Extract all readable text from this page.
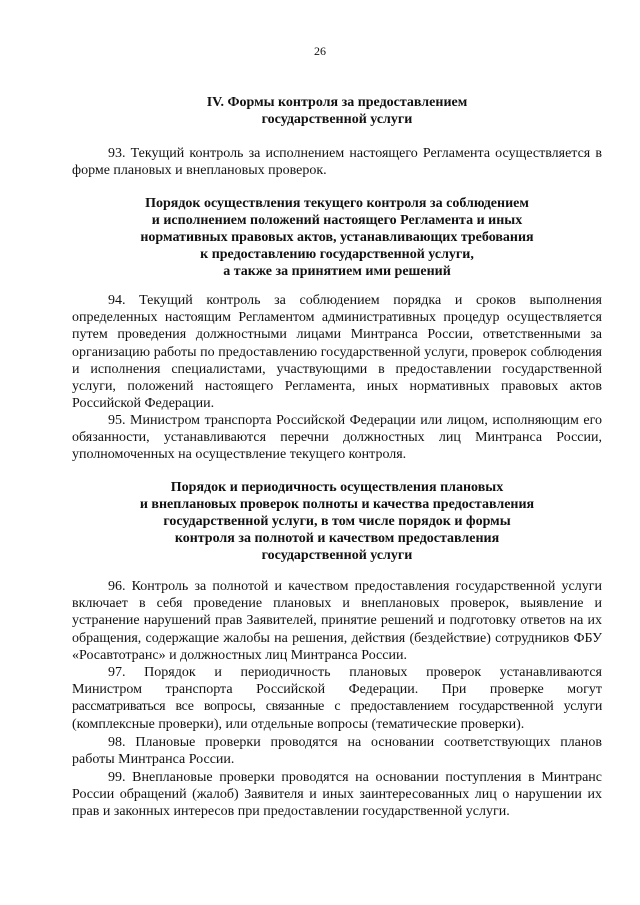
26

IV. Формы контроля за предоставлением
государственной услуги

93. Текущий контроль за исполнением настоящего Регламента осуществляется в форме плановых и внеплановых проверок.

Порядок осуществления текущего контроля за соблюдением
и исполнением положений настоящего Регламента и иных
нормативных правовых актов, устанавливающих требования
к предоставлению государственной услуги,
а также за принятием ими решений

94. Текущий контроль за соблюдением порядка и сроков выполнения определенных настоящим Регламентом административных процедур осуществляется путем проведения должностными лицами Минтранса России, ответственными за организацию работы по предоставлению государственной услуги, проверок соблюдения и исполнения специалистами, участвующими в предоставлении государственной услуги, положений настоящего Регламента, иных нормативных правовых актов Российской Федерации.

95. Министром транспорта Российской Федерации или лицом, исполняющим его обязанности, устанавливаются перечни должностных лиц Минтранса России, уполномоченных на осуществление текущего контроля.

Порядок и периодичность осуществления плановых
и внеплановых проверок полноты и качества предоставления
государственной услуги, в том числе порядок и формы
контроля за полнотой и качеством предоставления
государственной услуги

96. Контроль за полнотой и качеством предоставления государственной услуги включает в себя проведение плановых и внеплановых проверок, выявление и устранение нарушений прав Заявителей, принятие решений и подготовку ответов на их обращения, содержащие жалобы на решения, действия (бездействие) сотрудников ФБУ «Росавтотранс» и должностных лиц Минтранса России.

97. Порядок и периодичность плановых проверок устанавливаются
Министром транспорта Российской Федерации. При проверке могут
рассматриваться все вопросы, связанные с предоставлением государственной услуги
(комплексные проверки), или отдельные вопросы (тематические проверки).

98. Плановые проверки проводятся на основании соответствующих планов работы Минтранса России.

99. Внеплановые проверки проводятся на основании поступления в Минтранс России обращений (жалоб) Заявителя и иных заинтересованных лиц о нарушении их прав и законных интересов при предоставлении государственной услуги.
